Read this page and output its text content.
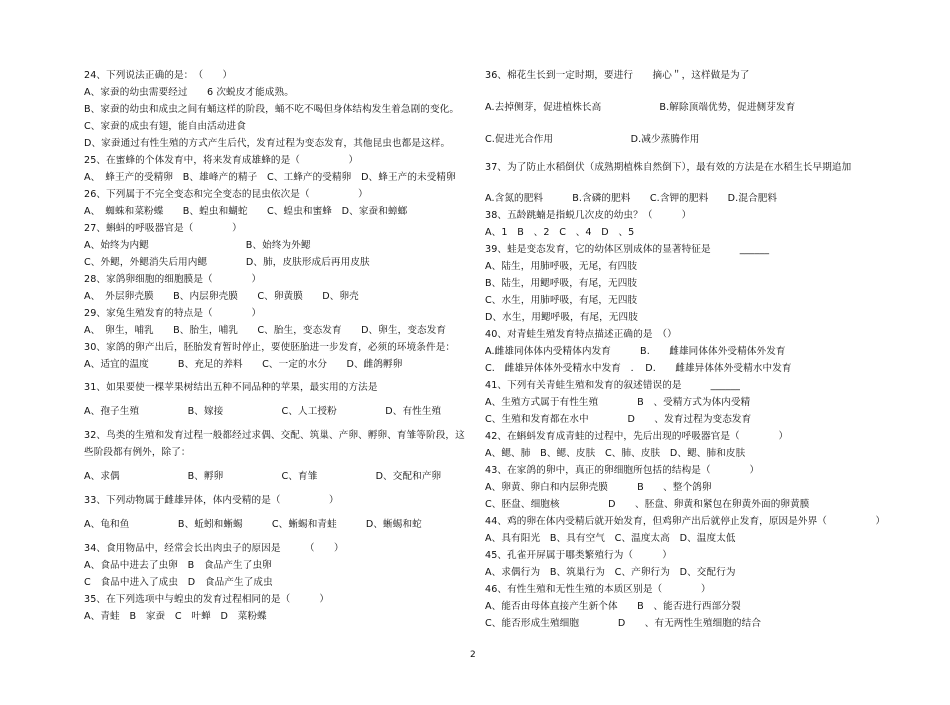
24、下列说法正确的是：　（　　）
A、家蚕的幼虫需要经过　　6 次蜕皮才能成熟。
B、家蚕的幼虫和成虫之间有蛹这样的阶段，蛹不吃不喝但身体结构发生着急剧的变化。
C、家蚕的成虫有翅，能自由活动进食
D、家蚕通过有性生殖的方式产生后代，发育过程为变态发育，其他昆虫也都是这样。
25、在蜜蜂的个体发育中，将来发育成雄蜂的是（　　　　　）
A、　蜂王产的受精卵　B、雄峰产的精子　C、工蜂产的受精卵　D、蜂王产的未受精卵
26、下列属于不完全变态和完全变态的昆虫依次是（　　　　　）
A、　蜘蛛和菜粉蝶　　B、蝗虫和蝴蛇　　C、蝗虫和蜜蜂　D、家蚕和蟑螂
27、蝌蚪的呼吸器官是（　　　　）
A、始终为内鳃　　　　　　　　　　B、始终为外鳃
C、外鳃，外鳃消失后用内鳃　　　　D、肺，皮肤形成后再用皮肤
28、家鸽卵细胞的细胞膜是（　　　　）
A、　外层卵壳膜　　B、内层卵壳膜　　C、卵黄膜　　D、卵壳
29、家兔生殖发育的特点是（　　　　）
A、　卵生，哺乳　　B、胎生，哺乳　　C、胎生，变态发育　　D、卵生，变态发育
30、家鸽的卵产出后，胚胎发育暂时停止，要使胚胎进一步发育，必须的环境条件是：
A、适宜的温度　　　B、充足的养料　　C、一定的水分　　D、雌鸽孵卵
31、如果要使一棵苹果树结出五种不同品种的苹果，最实用的方法是
A、孢子生殖　　　　　B、嫁接　　　　　　C、人工授粉　　　　　D、有性生殖
32、鸟类的生殖和发育过程一般都经过求偶、交配、筑巢、产卵、孵卵、育雏等阶段，这
些阶段都有例外，除了：
A、求偶　　　　　　　B、孵卵　　　　　　C、育雏　　　　　　D、交配和产卵
33、下列动物属于雌雄异体，体内受精的是（　　　　　）
A、龟和鱼　　　　　B、蚯蚓和蜥蜴　　　C、蜥蜴和青蛙　　　D、蜥蜴和蛇
34、食用物品中，经常会长出肉虫子的原因是　　　（　　）
A、食品中进去了虫卵　B　食品产生了虫卵
C　食品中进入了成虫　D　食品产生了成虫
35、在下列选项中与蝗虫的发育过程相同的是（　　　）
A、青蛙　B　家蚕　C　叶蝉　D　菜粉蝶
36、棉花生长到一定时期，要进行　　摘心＂，这样做是为了
A.去掉侧芽，促进植株长高　　　　　　B.解除顶端优势，促进侧芽发育
C.促进光合作用　　　　　　　　D.减少蒸腾作用
37、为了防止水稻倒伏（成熟期植株自然倒下），最有效的方法是在水稻生长早期追加
A.含氮的肥料　　　B.含磷的肥料　　C.含钾的肥料　　D.混合肥料
38、五龄跳蝻是指蜕几次皮的幼虫？（　　　）
A、1　B　、2　C　、4　D　、5
39、蛙是变态发育，它的幼体区别成体的显著特征是　　　______
A、陆生，用肺呼吸，无尾，有四肢
B、陆生，用鳃呼吸，有尾，无四肢
C、水生，用肺呼吸，有尾，无四肢
D、水生，用鳃呼吸，有尾，无四肢
40、对青蛙生殖发育特点描述正确的是　（）
A.雌雄同体体内受精体内发育　　　B.　　雌雄同体体外受精体外发育
C.　雌雄异体体外受精水中发育　．　D.　　雌雄异体体外受精水中发育
41、下列有关青蛙生殖和发育的叙述错误的是　　　______
A、生殖方式属于有性生殖　　　　B　、受精方式为体内受精
C、生殖和发育都在水中　　　　D　　、发育过程为变态发育
42、在蝌蚪发育成青蛙的过程中，先后出现的呼吸器官是（　　　　）
A、鳃、肺　B、鳃、皮肤　C、肺、皮肤　D、鳃、肺和皮肤
43、在家鸽的卵中，真正的卵细胞所包括的结构是（　　　　）
A、卵黄、卵白和内层卵壳膜　　　B　　、整个鸽卵
C、胚盘、细胞核　　　　　D　　、胚盘、卵黄和紧包在卵黄外面的卵黄膜
44、鸡的卵在体内受精后就开始发育，但鸡卵产出后就停止发育，原因是外界（　　　　　）
A、具有阳光　B、具有空气　C、温度太高　D、温度太低
45、孔雀开屏属于哪类繁殖行为（　　　）
A、求偶行为　B、筑巢行为　C、产卵行为　D、交配行为
46、有性生殖和无性生殖的本质区别是（　　　　）
A、能否由母体直接产生新个体　　B　、能否进行西部分裂
C、能否形成生殖细胞　　　　D　　、有无两性生殖细胞的结合
2
